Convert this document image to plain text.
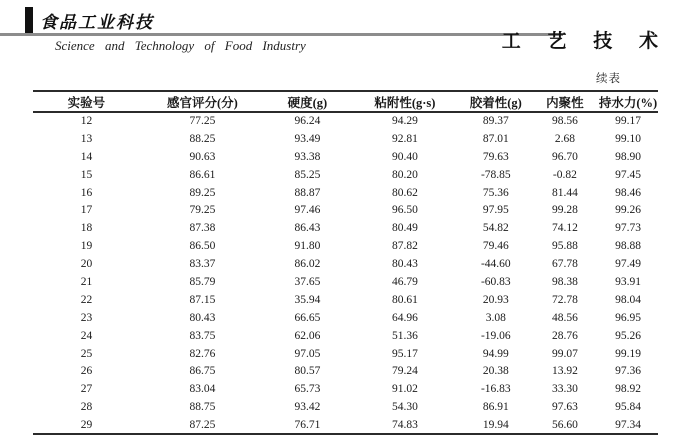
食品工业科技
Science and Technology of Food Industry	工 艺 技 术
续表
实验号	感官评分(分)	硬度(g)	粘附性(g·s)	胶着性(g)	内聚性	持水力(%)
12	77.25	96.24	94.29	89.37	98.56	99.17
13	88.25	93.49	92.81	87.01	2.68	99.10
14	90.63	93.38	90.40	79.63	96.70	98.90
15	86.61	85.25	80.20	-78.85	-0.82	97.45
16	89.25	88.87	80.62	75.36	81.44	98.46
17	79.25	97.46	96.50	97.95	99.28	99.26
18	87.38	86.43	80.49	54.82	74.12	97.73
19	86.50	91.80	87.82	79.46	95.88	98.88
20	83.37	86.02	80.43	-44.60	67.78	97.49
21	85.79	37.65	46.79	-60.83	98.38	93.91
22	87.15	35.94	80.61	20.93	72.78	98.04
23	80.43	66.65	64.96	3.08	48.56	96.95
24	83.75	62.06	51.36	-19.06	28.76	95.26
25	82.76	97.05	95.17	94.99	99.07	99.19
26	86.75	80.57	79.24	20.38	13.92	97.36
27	83.04	65.73	91.02	-16.83	33.30	98.92
28	88.75	93.42	54.30	86.91	97.63	95.84
29	87.25	76.71	74.83	19.94	56.60	97.34
